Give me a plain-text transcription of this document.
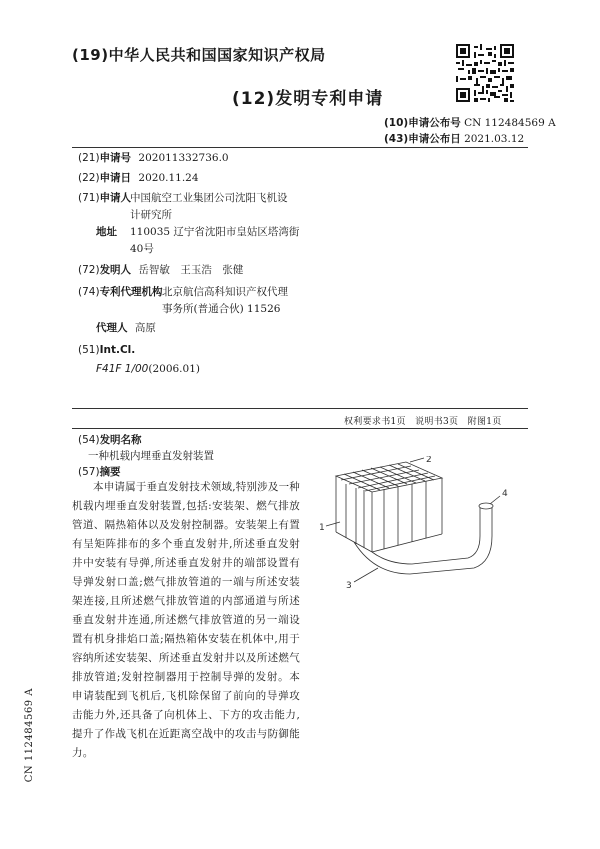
(19)中华人民共和国国家知识产权局
(12)发明专利申请
(10)申请公布号 CN 112484569 A
(43)申请公布日 2021.03.12
(21)申请号 202011332736.0
(22)申请日 2020.11.24
(71)申请人
中国航空工业集团公司沈阳飞机设
计研究所
地址 110035 辽宁省沈阳市皇姑区塔湾街
40号
(72)发明人 岳智敏　王玉浩　张健
(74)专利代理机构 北京航信高科知识产权代理
事务所(普通合伙) 11526
代理人 高原
(51)Int.Cl.
F41F 1/00(2006.01)
权利要求书1页　说明书3页　附图1页
(54)发明名称
一种机载内埋垂直发射装置
(57)摘要
本申请属于垂直发射技术领域,特别涉及一种机载内埋垂直发射装置,包括:安装架、燃气排放管道、隔热箱体以及发射控制器。安装架上有置有呈矩阵排布的多个垂直发射井,所述垂直发射井中安装有导弹,所述垂直发射井的端部设置有导弹发射口盖;燃气排放管道的一端与所述安装架连接,且所述燃气排放管道的内部通道与所述垂直发射井连通,所述燃气排放管道的另一端设置有机身排焰口盖;隔热箱体安装在机体中,用于容纳所述安装架、所述垂直发射井以及所述燃气排放管道;发射控制器用于控制导弹的发射。本申请装配到飞机后,飞机除保留了前向的导弹攻击能力外,还具备了向机体上、下方的攻击能力,提升了作战飞机在近距离空战中的攻击与防御能力。
1
2
3
4
CN 112484569 A
